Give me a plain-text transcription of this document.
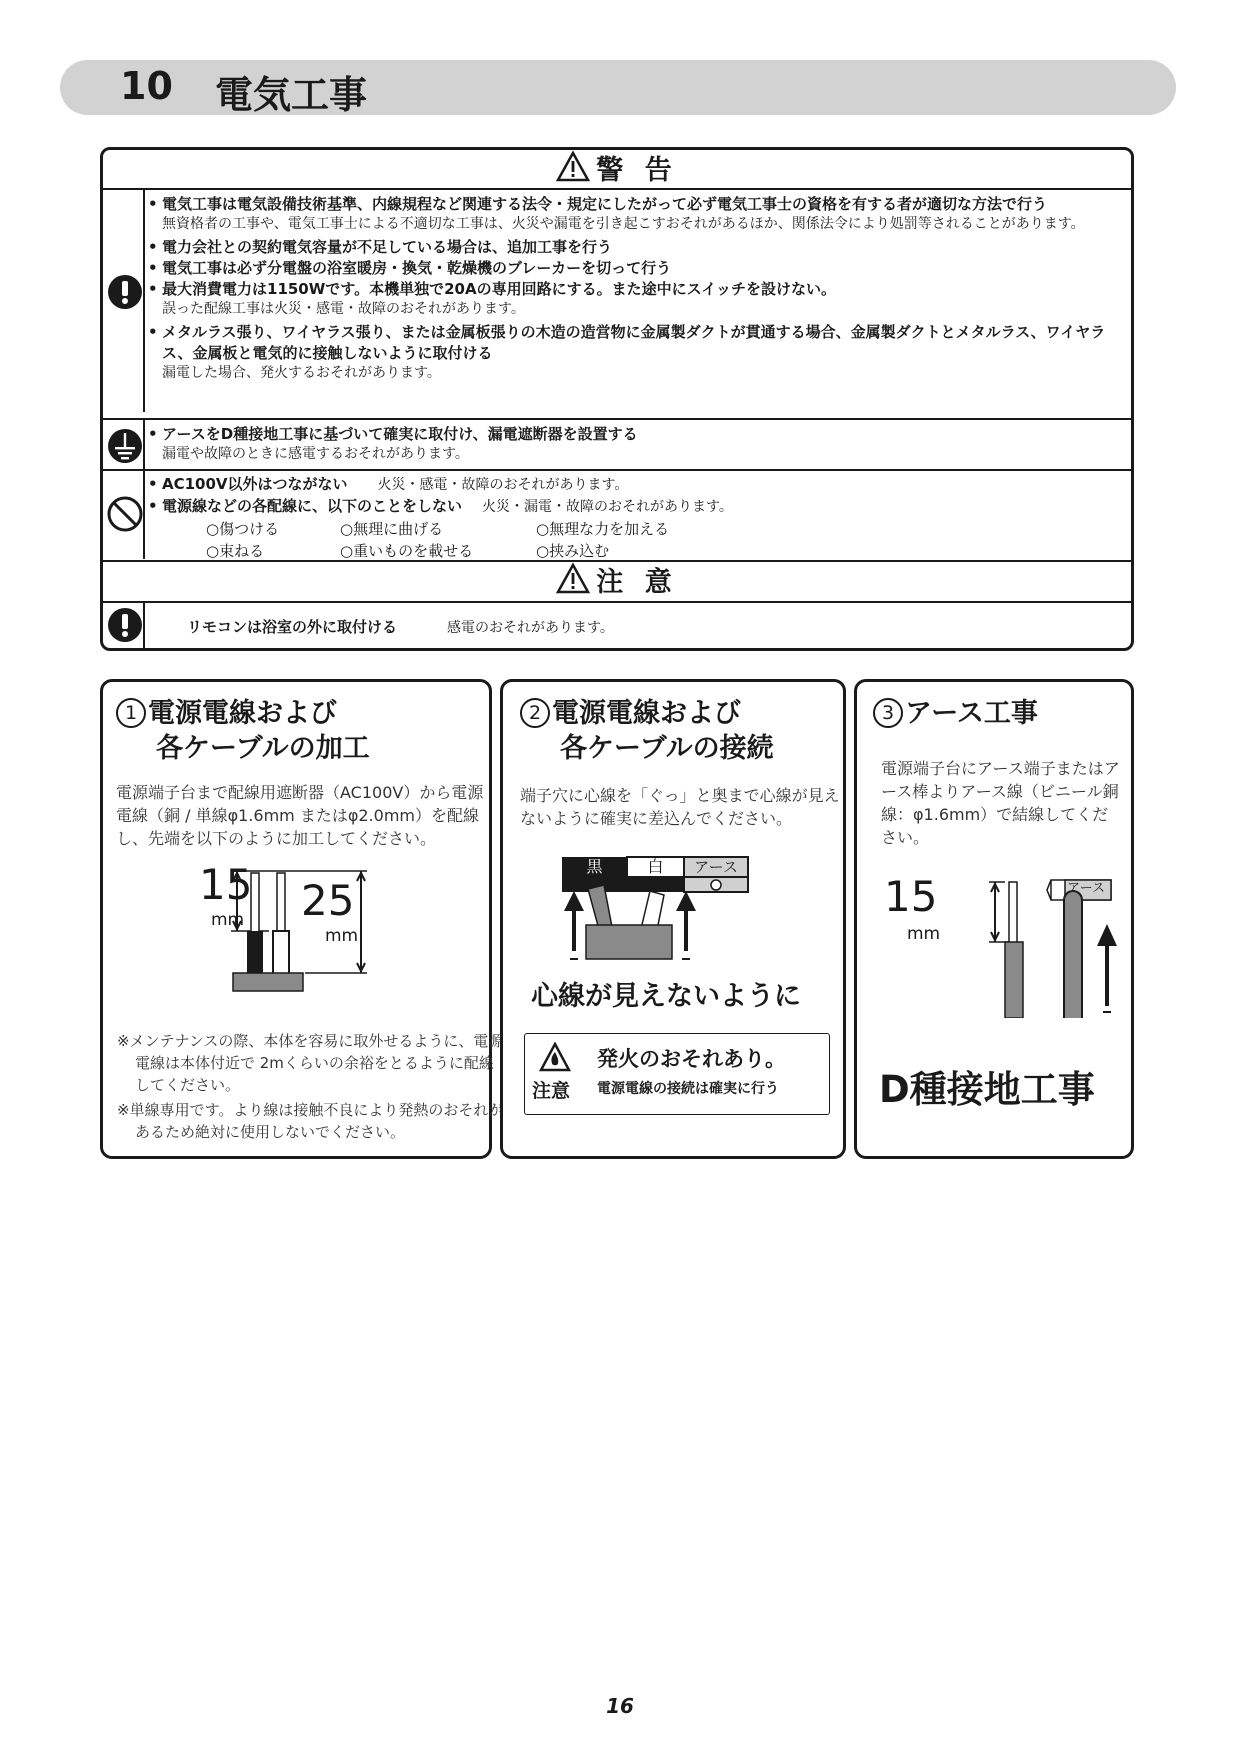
10 電気工事
警 告
• 電気工事は電気設備技術基準、内線規程など関連する法令・規定にしたがって必ず電気工事士の資格を有する者が適切な方法で行う
無資格者の工事や、電気工事士による不適切な工事は、火災や漏電を引き起こすおそれがあるほか、関係法令により処罰等されることがあります。
• 電力会社との契約電気容量が不足している場合は、追加工事を行う
• 電気工事は必ず分電盤の浴室暖房・換気・乾燥機のブレーカーを切って行う
• 最大消費電力は1150Wです。本機単独で20Aの専用回路にする。また途中にスイッチを設けない。
誤った配線工事は火災・感電・故障のおそれがあります。
• メタルラス張り、ワイヤラス張り、または金属板張りの木造の造営物に金属製ダクトが貫通する場合、金属製ダクトとメタルラス、ワイヤラス、金属板と電気的に接触しないように取付ける
漏電した場合、発火するおそれがあります。
• アースをD種接地工事に基づいて確実に取付け、漏電遮断器を設置する
漏電や故障のときに感電するおそれがあります。
• AC100V以外はつながない 火災・感電・故障のおそれがあります。
• 電源線などの各配線に、以下のことをしない 火災・漏電・故障のおそれがあります。
○傷つける	○無理に曲げる	○無理な力を加える
○束ねる	○重いものを載せる	○挟み込む
注 意
リモコンは浴室の外に取付ける	感電のおそれがあります。
1 電源電線および
各ケーブルの加工
電源端子台まで配線用遮断器（AC100V）から電源電線（銅 / 単線φ1.6mm またはφ2.0mm）を配線し、先端を以下のように加工してください。
15
mm 25
mm
※メンテナンスの際、本体を容易に取外せるように、電源電線は本体付近で 2mくらいの余裕をとるように配線してください。
※単線専用です。より線は接触不良により発熱のおそれがあるため絶対に使用しないでください。
2 電源電線および
各ケーブルの接続
端子穴に心線を「ぐっ」と奥まで心線が見えないように確実に差込んでください。
黒	白	アース
心線が見えないように
注意
発火のおそれあり。
電源電線の接続は確実に行う
3 アース工事
電源端子台にアース端子またはアース棒よりアース線（ビニール銅線：φ1.6mm）で結線してください。
アース
15
mm
D種接地工事
16
